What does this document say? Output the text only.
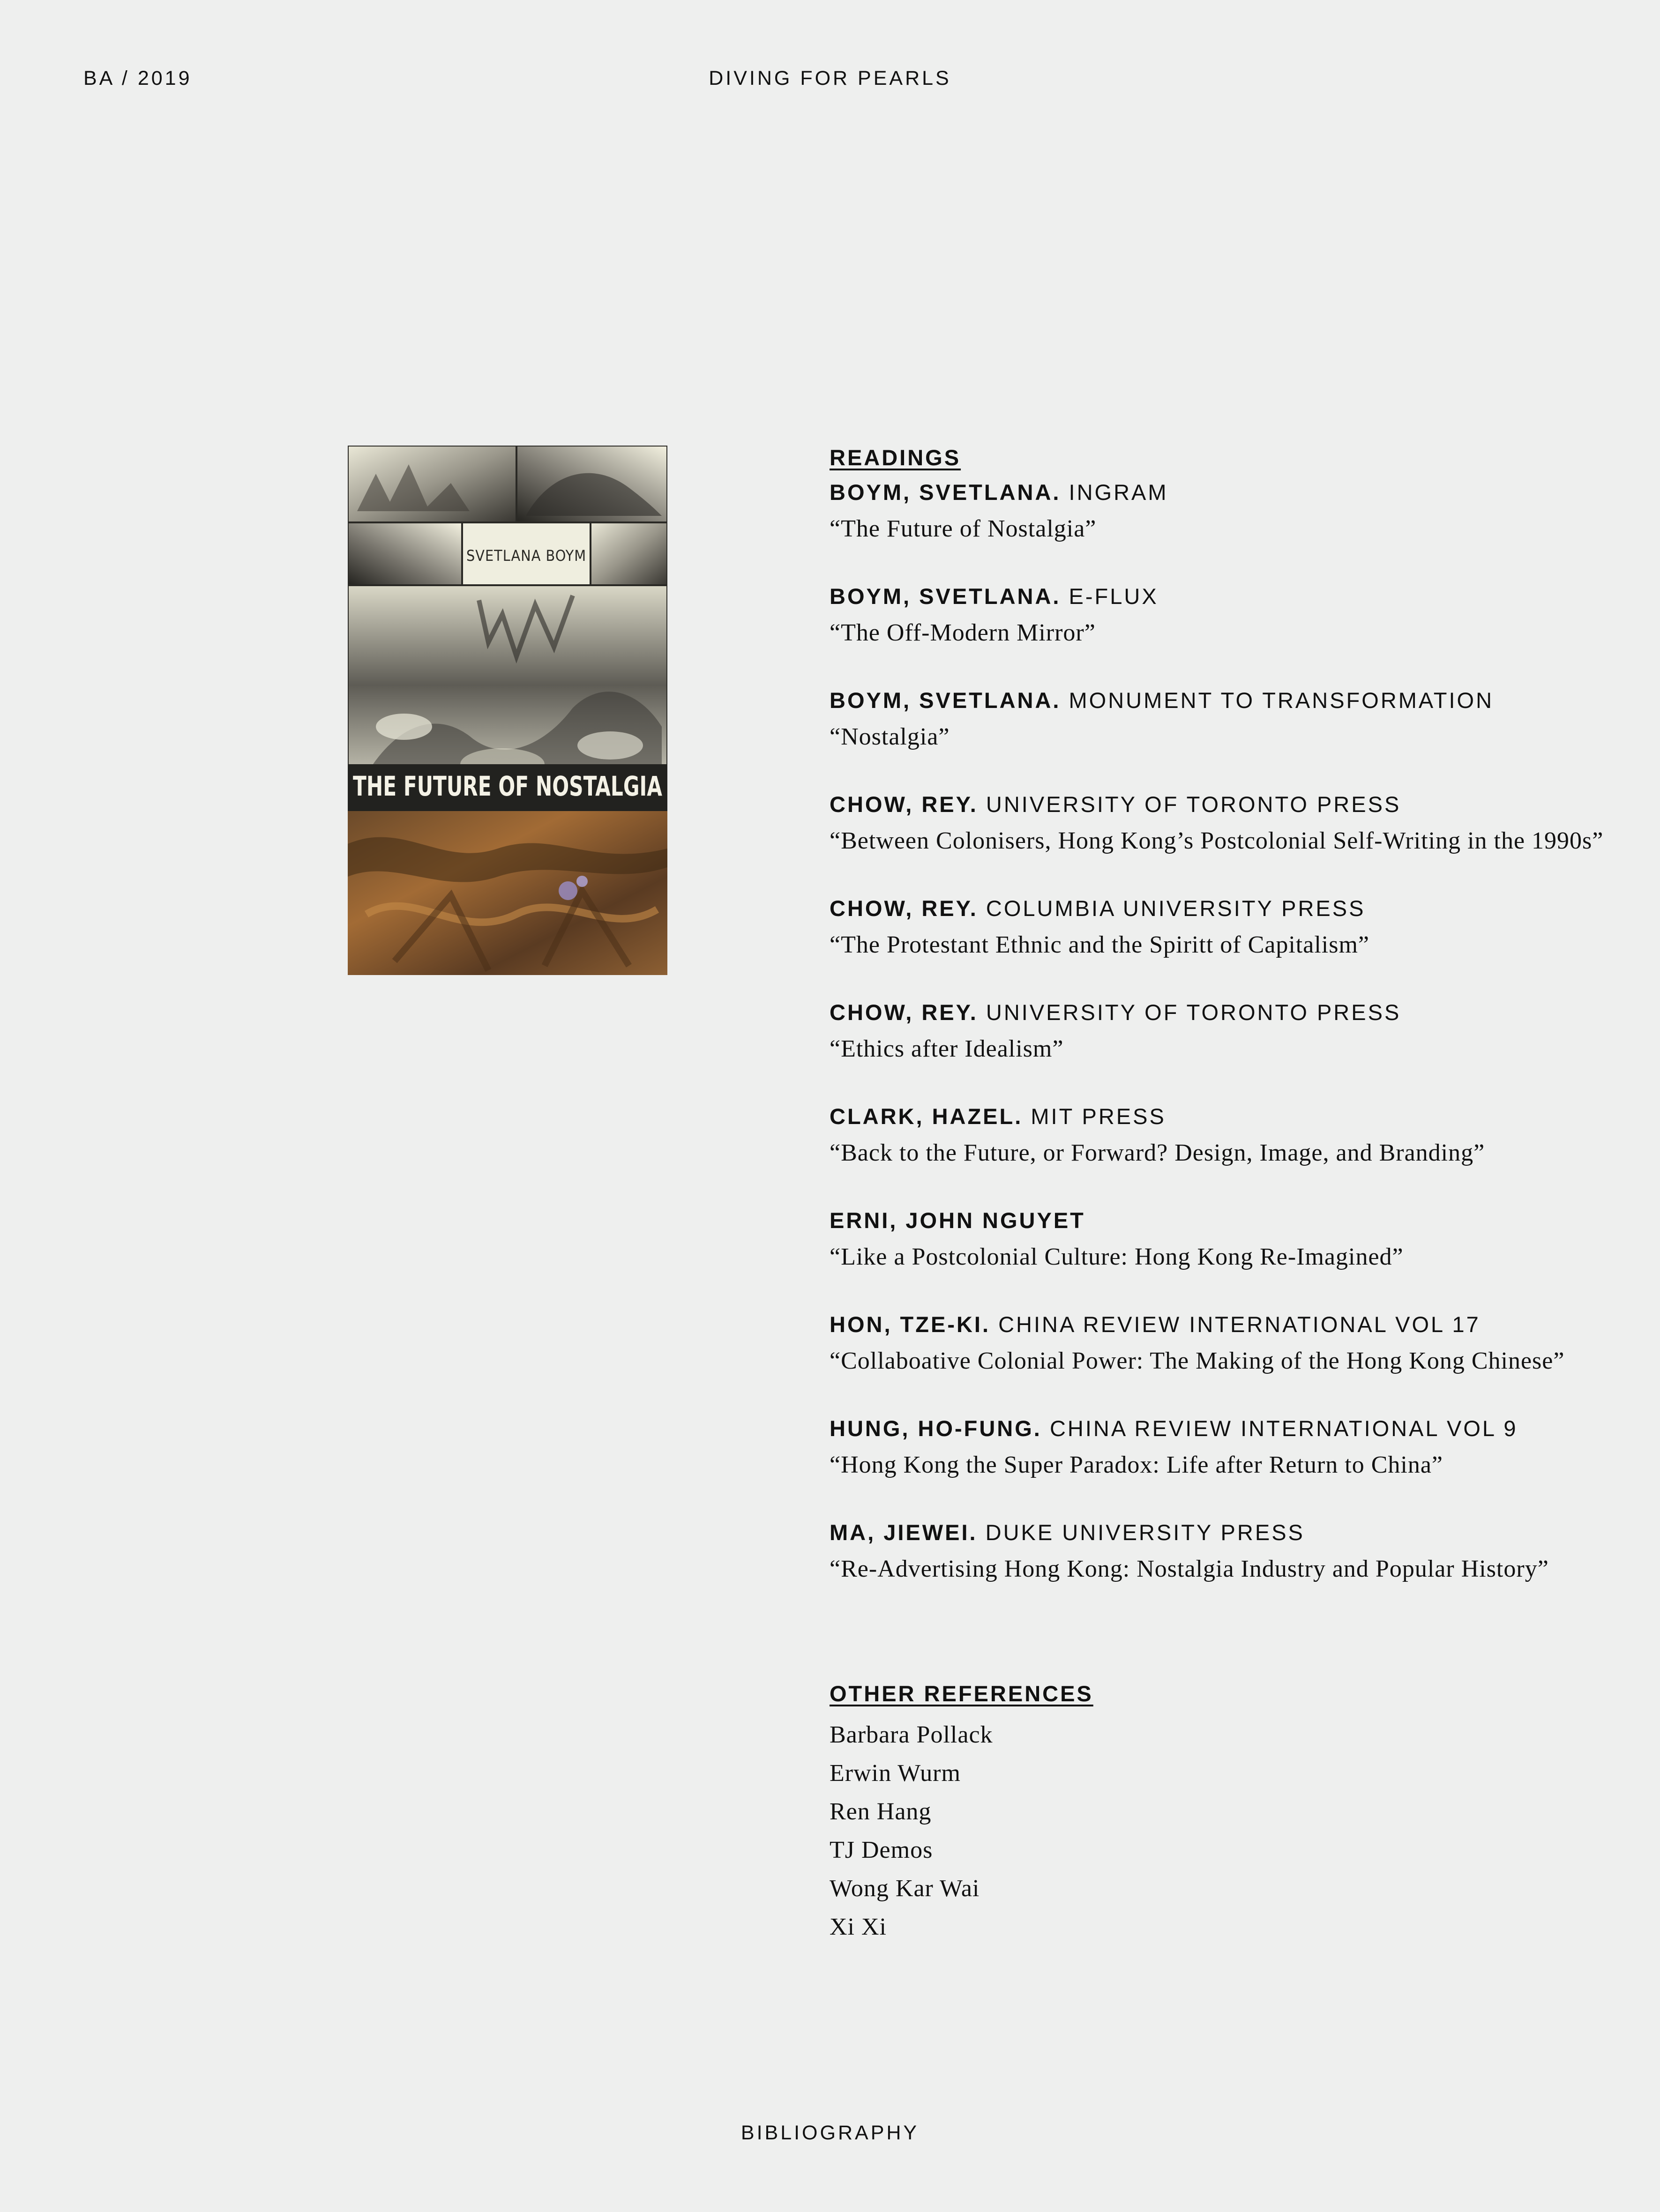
BA / 2019	DIVING FOR PEARLS
SVETLANA BOYM
THE FUTURE OF NOSTALGIA
READINGS
BOYM, SVETLANA. INGRAM
“The Future of Nostalgia”
BOYM, SVETLANA. E-FLUX
“The Off-Modern Mirror”
BOYM, SVETLANA. MONUMENT TO TRANSFORMATION
“Nostalgia”
CHOW, REY. UNIVERSITY OF TORONTO PRESS
“Between Colonisers, Hong Kong’s Postcolonial Self-Writing in the 1990s”
CHOW, REY. COLUMBIA UNIVERSITY PRESS
“The Protestant Ethnic and the Spiritt of Capitalism”
CHOW, REY. UNIVERSITY OF TORONTO PRESS
“Ethics after Idealism”
CLARK, HAZEL. MIT PRESS
“Back to the Future, or Forward? Design, Image, and Branding”
ERNI, JOHN NGUYET
“Like a Postcolonial Culture: Hong Kong Re-Imagined”
HON, TZE-KI. CHINA REVIEW INTERNATIONAL VOL 17
“Collaboative Colonial Power: The Making of the Hong Kong Chinese”
HUNG, HO-FUNG. CHINA REVIEW INTERNATIONAL VOL 9
“Hong Kong the Super Paradox: Life after Return to China”
MA, JIEWEI. DUKE UNIVERSITY PRESS
“Re-Advertising Hong Kong: Nostalgia Industry and Popular History”
OTHER REFERENCES
Barbara Pollack
Erwin Wurm
Ren Hang
TJ Demos
Wong Kar Wai
Xi Xi
BIBLIOGRAPHY
